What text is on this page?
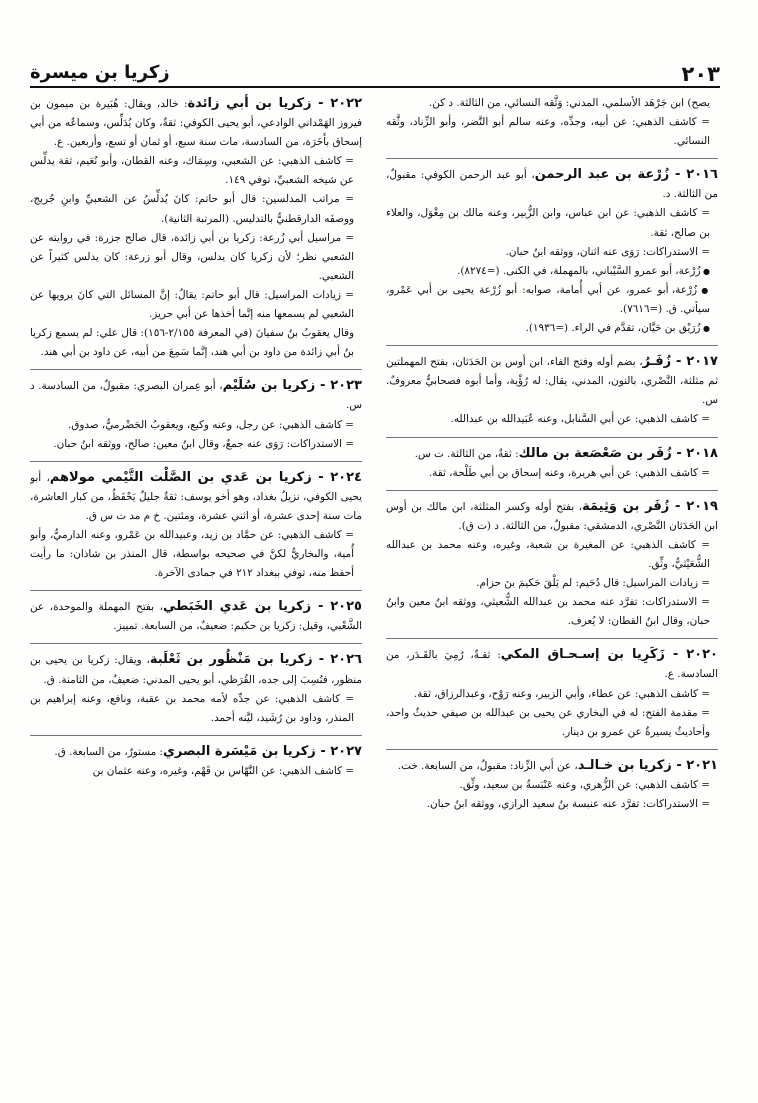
٢٠٣
زكريا بن ميسرة

يصح) ابن جَرْهَد الأسلمي، المدني: وَثَّقه النسائي، من الثالثة. د كن.

= كاشف الذهبي: عن أبيه، وجدِّه، وعنه سالم أبو النَّضر، وأبو الزِّناد، وثَّقه النسائي.

٢٠١٦ - زُرْعة بن عبد الرحمن، أبو عبد الرحمن الكوفي: مقبولٌ، من الثالثة. د.

= كاشف الذهبي: عن ابن عباس، وابن الزُّبير، وعنه مالك بن مِغْوَل، والعلاء بن صالح، ثقة.

= الاستدراكات: رَوَى عنه اثنان، ووثقه ابنُ حبان.

● زُرْعة، أبو عمرو السَّيْباني، بالمهملة، في الكنى. (=٨٢٧٤).

● زُرْعة، أبو عمرو، عن أبي أُمامة، صوابه: أبو زُرْعة يحيى بن أبي عَمْرو، سيأتي. ق. (=٧٦١٦).

● زُرَيْق بن حَيَّان، تقدَّم في الراء. (=١٩٣٦).

٢٠١٧ - زُفَـرُ، بضم أوله وفتح الفاء، ابن أوس بن الحَدَثان، بفتح المهملتين ثم مثلثة، النَّصْري، بالنون، المدني، يقال: له رُؤْية، وأما أبوه فصحابيٌّ معروفٌ. س.

= كاشف الذهبي: عن أبي السَّنابل، وعنه عُبَيدالله بن عبدالله.

٢٠١٨ - زُفَر بن صَعْصَعة بن مالك: ثقةٌ، من الثالثة. ت س.

= كاشف الذهبي: عن أبي هريرة، وعنه إسحاق بن أبي طَلْحة، ثقة.

٢٠١٩ - زُفَر بن وَثِيمَة، بفتح أوله وكسر المثلثة، ابن مالك بن أوس ابن الحَدَثان النَّصْري، الدمشقي: مقبولٌ، من الثالثة. د (ت ق).

= كاشف الذهبي: عن المغيرة بن شعبة، وغيره، وعنه محمد بن عبدالله الشُّعَيْثيُّ، وثِّق.

= زيادات المراسيل: قال دُحَيم: لم يَلْقَ حَكيمَ بنَ حزام.

= الاستدراكات: تفرَّد عنه محمد بن عبدالله الشُّعيثي، ووثقه ابنُ معين وابنُ حبان، وقال ابنُ القطان: لا يُعرف.

٢٠٢٠ - زَكَرِيا بن إسـحـاق المكي: ثقـةٌ، رُمِيَ بالقَـدَر، من السادسة. ع.

= كاشف الذهبي: عن عطاء، وأبي الزبير، وعنه رَوْح، وعبدالرزاق، ثقة.

= مقدمة الفتح: له في البخاري عن يحيى بن عبدالله بن صيفي حديثٌ واحد، وأحاديثُ يسيرةٌ عن عمرو بن دينار.

٢٠٢١ - زكريا بن خـالـد، عن أبي الزِّناد: مقبولٌ، من السابعة. خت.

= كاشف الذهبي: عن الزُّهري، وعنه عَنْبَسةُ بن سعيد، وثِّق.

= الاستدراكات: تفرَّد عنه عنبسة بنُ سعيد الرازي، ووثقه ابنُ حبان.

٢٠٢٢ - زكريا بن أبي زائدة: خالد، ويقال: هُبَيرة بن ميمون بن فيروز الهَمْداني الوادعي، أبو يحيى الكوفي: ثقةٌ، وكان يُدَلِّس، وسماعُه من أبي إسحاق بأَخَرَة، من السادسة، مات سنة سبع، أو ثمان أو تسع، وأربعين. ع.

= كاشف الذهبي: عن الشعبي، وسِمَاك، وعنه القطان، وأبو نُعَيم، ثقة يدلِّس عن شيخه الشعبيِّ، توفي ١٤٩.

= مراتب المدلسين: قال أبو حاتم: كانَ يُدلِّسُ عن الشعبيِّ وابنِ جُريج، ووصفَه الدارقطنيُّ بالتدليس. (المرتبة الثانية).

= مراسيل أبي زُرعة: زكريا بن أبي زائدة، قال صالح جزرة: في روايته عن الشعبي نظر؛ لأن زكريا كان يدلس، وقال أبو زرعة: كان يدلس كثيراً عن الشعبي.

= زيادات المراسيل: قال أبو حاتم: يقالُ: إنَّ المسائل التي كانَ يرويها عن الشعبي لم يسمعها منه إنَّما أخذها عن أبي حريز.

وقال يعقوبُ بنُ سفيانَ (في المعرفة ٢/١٥٥-١٥٦): قال علي: لم يسمع زكريا بنُ أبي زائدة من داود بن أبي هند، إنَّما سَمِعَ من أبيه، عن داود بن أبي هند.

٢٠٢٣ - زكريا بن سُلَيْم، أبو عِمران البصري: مقبولٌ، من السادسة. د س.

= كاشف الذهبي: عن رجل، وعنه وكيع، ويعقوبُ الحَضْرميُّ، صدوق.

= الاستدراكات: رَوَى عنه جمعٌ، وقال ابنُ معين: صالح، ووثقه ابنُ حبان.

٢٠٢٤ - زكريا بن عَدي بن الصَّلْت التَّيْمي مولاهم، أبو يحيى الكوفي، نزيلُ بغداد، وهو أخو يوسف: ثقةٌ جليلٌ يَحْفَظُ، من كبار العاشرة، مات سنة إحدى عشرة، أو اثني عشرة، ومئتين. خ م مد ت س ق.

= كاشف الذهبي: عن حمَّاد بن زيد، وعبيدالله بن عَمْرو، وعنه الدارميُّ، وأبو أُمية، والبخاريُّ لكنَّ في صحيحه بواسطة، قال المنذر بن شاذان: ما رأيت أحفظ منه، توفي ببغداد ٢١٢ في جمادى الآخرة.

٢٠٢٥ - زكريا بن عَدي الخَبَطي، بفتح المهملة والموحدة، عن الشَّعْبي، وقيل: زكريا بن حكيم: ضعيفٌ، من السابعة. تمييز.

٢٠٢٦ - زكريا بن مَنْظُور بن ثَعْلَبة، ويقال: زكريا بن يحيى بن منظور، فنُسِبَ إلى جده، القُرَظي، أبو يحيى المدني: ضعيفٌ، من الثامنة. ق.

= كاشف الذهبي: عن جدِّه لأمه محمد بن عقبة، ونافع، وعنه إبراهيم بن المنذر، وداود بن رُشَيد، ليَّنه أحمد.

٢٠٢٧ - زكريا بن مَيْسَرة البصري: مستورٌ، من السابعة. ق.

= كاشف الذهبي: عن النَّهّاس بن قَهْم، وغيره، وعنه عثمان بن
